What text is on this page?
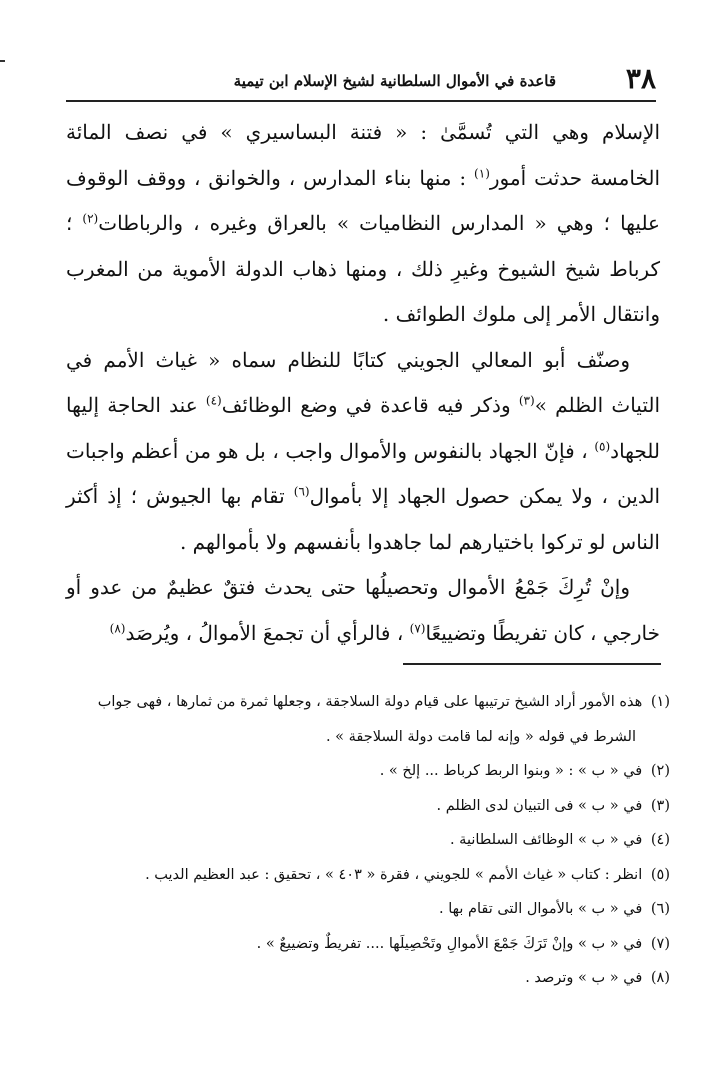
٣٨
قاعدة في الأموال السلطانية لشيخ الإسلام ابن تيمية

الإسلام وهي التي تُسمَّىٰ : « فتنة البساسيري » في نصف المائة الخامسة حدثت أمور$^{(١)}$ : منها بناء المدارس ، والخوانق ، ووقف الوقوف عليها ؛ وهي « المدارس النظاميات » بالعراق وغيره ، والرباطات$^{(٢)}$ ؛ كرباط شيخ الشيوخ وغيرِ ذلك ، ومنها ذهاب الدولة الأموية من المغرب وانتقال الأمر إلى ملوك الطوائف .

وصنّف أبو المعالي الجويني كتابًا للنظام سماه « غياث الأمم في التياث الظلم »$^{(٣)}$ وذكر فيه قاعدة في وضع الوظائف$^{(٤)}$ عند الحاجة إليها للجهاد$^{(٥)}$ ، فإنّ الجهاد بالنفوس والأموال واجب ، بل هو من أعظم واجبات الدين ، ولا يمكن حصول الجهاد إلا بأموال$^{(٦)}$ تقام بها الجيوش ؛ إذ أكثر الناس لو تركوا باختيارهم لما جاهدوا بأنفسهم ولا بأموالهم .

وإنْ تُرِكَ جَمْعُ الأموال وتحصيلُها حتى يحدث فتقٌ عظيمٌ من عدو أو خارجي ، كان تفريطًا وتضييعًا$^{(٧)}$ ، فالرأي أن تجمعَ الأموالُ ، ويُرصَد$^{(٨)}$

(١) هذه الأمور أراد الشيخ ترتيبها على قيام دولة السلاجقة ، وجعلها ثمرة من ثمارها ، فهى جواب

الشرط في قوله « وإنه لما قامت دولة السلاجقة » .

(٢) في « ب » : « وبنوا الربط كرباط ... إلخ » .

(٣) في « ب » فى التبيان لدى الظلم .

(٤) في « ب » الوظائف السلطانية .

(٥) انظر : كتاب « غياث الأمم » للجويني ، فقرة « ٤٠٣ » ، تحقيق : عبد العظيم الديب .

(٦) في « ب » بالأموال التى تقام بها .

(٧) في « ب » وإنْ تَرَكَ جَمْعَ الأموالِ وتَحْصِيلَها .... تفريطٌ وتضييعٌ » .

(٨) في « ب » وترصد .
